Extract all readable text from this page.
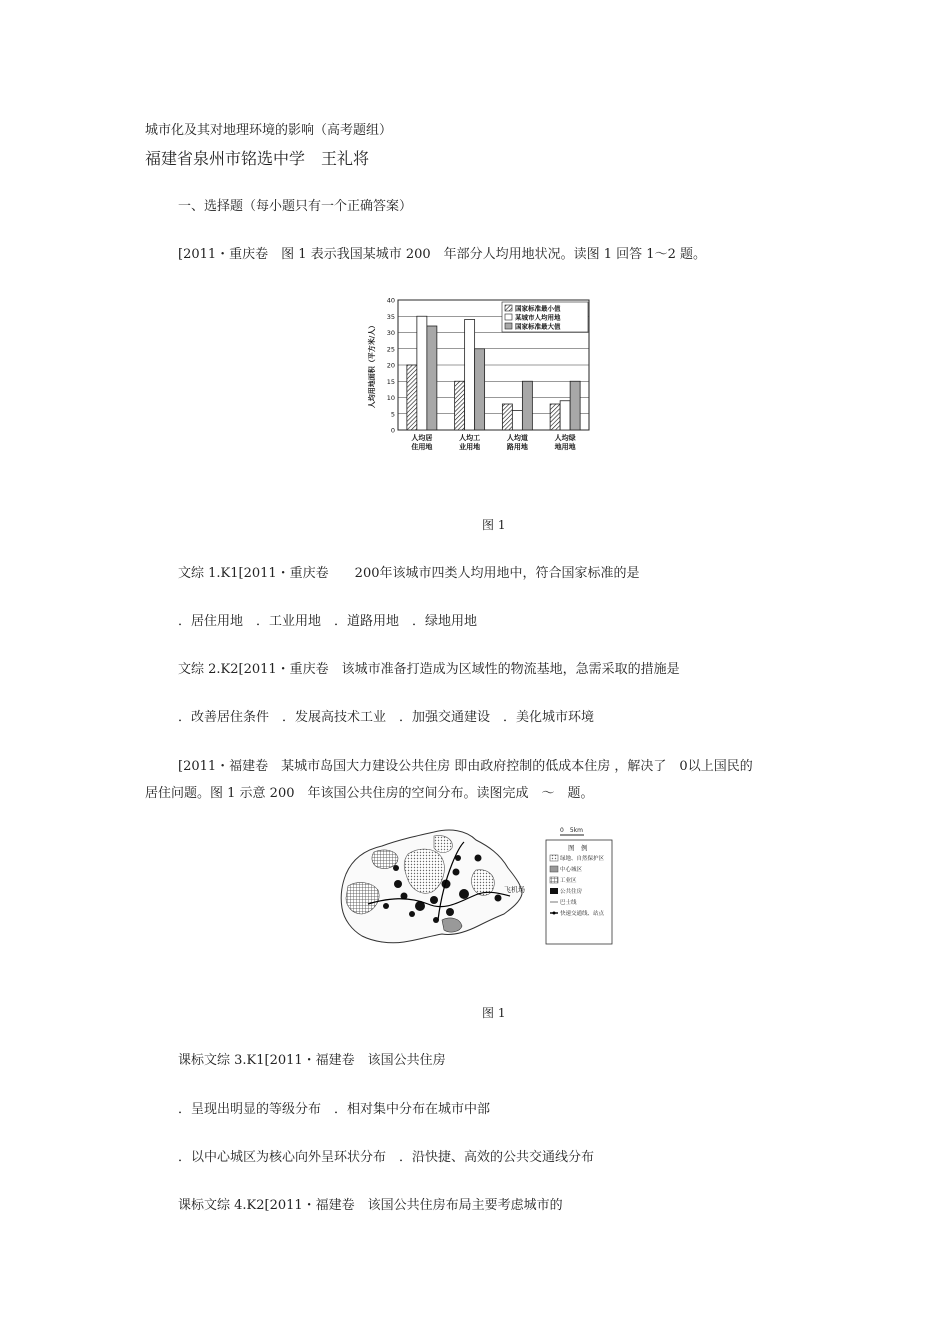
城市化及其对地理环境的影响（高考题组）
福建省泉州市铭选中学　王礼将
一、选择题（每小题只有一个正确答案）
[2011・重庆卷　图 1 表示我国某城市 200　年部分人均用地状况。读图 1 回答 1～2 题。
0
5
10
15
20
25
30
35
40
人均用地面积（平方米/人）
人均居
住用地
人均工
业用地
人均道
路用地
人均绿
地用地
国家标准最小值
某城市人均用地
国家标准最大值
图 1
文综 1.K1[2011・重庆卷　　200年该城市四类人均用地中，符合国家标准的是
．居住用地　．工业用地　．道路用地　．绿地用地
文综 2.K2[2011・重庆卷　该城市准备打造成为区域性的物流基地，急需采取的措施是
．改善居住条件　．发展高技术工业　．加强交通建设　．美化城市环境
[2011・福建卷　某城市岛国大力建设公共住房 即由政府控制的低成本住房 ，解决了　0以上国民的
居住问题。图 1 示意 200　年该国公共住房的空间分布。读图完成　～　题。
飞机场
0　5km
图　例
绿地、自然保护区
中心城区
工业区
公共住房
巴士线
快速交通线、站点
图 1
课标文综 3.K1[2011・福建卷　该国公共住房
．呈现出明显的等级分布　．相对集中分布在城市中部
．以中心城区为核心向外呈环状分布　．沿快捷、高效的公共交通线分布
课标文综 4.K2[2011・福建卷　该国公共住房布局主要考虑城市的
